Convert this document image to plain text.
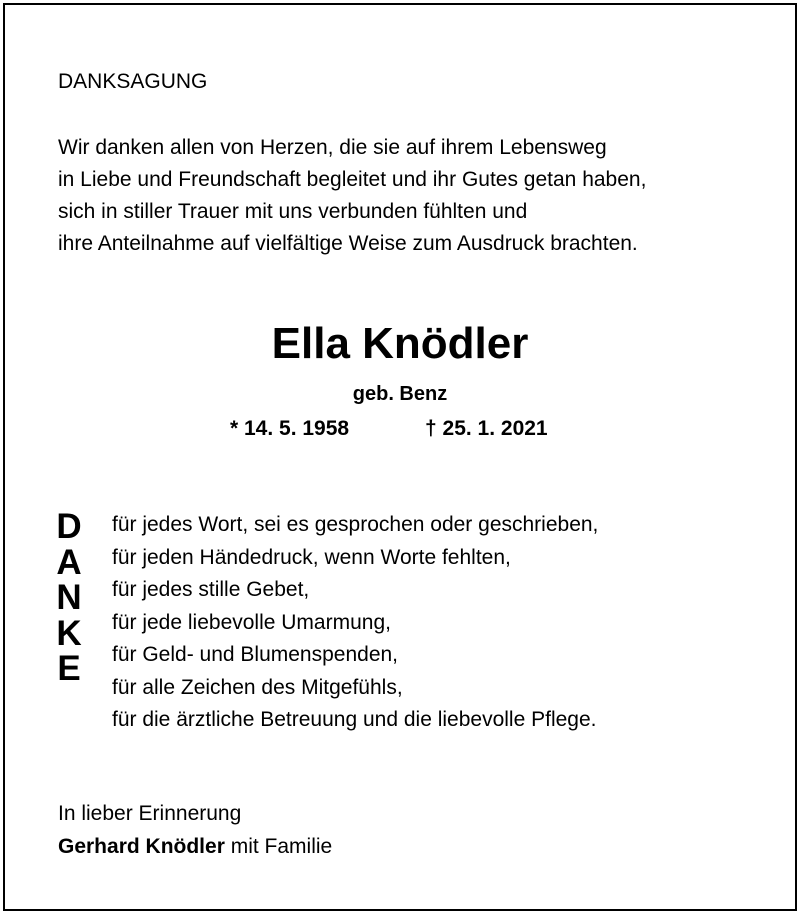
DANKSAGUNG
Wir danken allen von Herzen, die sie auf ihrem Lebensweg
in Liebe und Freundschaft begleitet und ihr Gutes getan haben,
sich in stiller Trauer mit uns verbunden fühlten und
ihre Anteilnahme auf vielfältige Weise zum Ausdruck brachten.
Ella Knödler
geb. Benz
* 14. 5. 1958	† 25. 1. 2021
D
A
N
K
E
für jedes Wort, sei es gesprochen oder geschrieben,
für jeden Händedruck, wenn Worte fehlten,
für jedes stille Gebet,
für jede liebevolle Umarmung,
für Geld- und Blumenspenden,
für alle Zeichen des Mitgefühls,
für die ärztliche Betreuung und die liebevolle Pflege.
In lieber Erinnerung
Gerhard Knödler mit Familie
